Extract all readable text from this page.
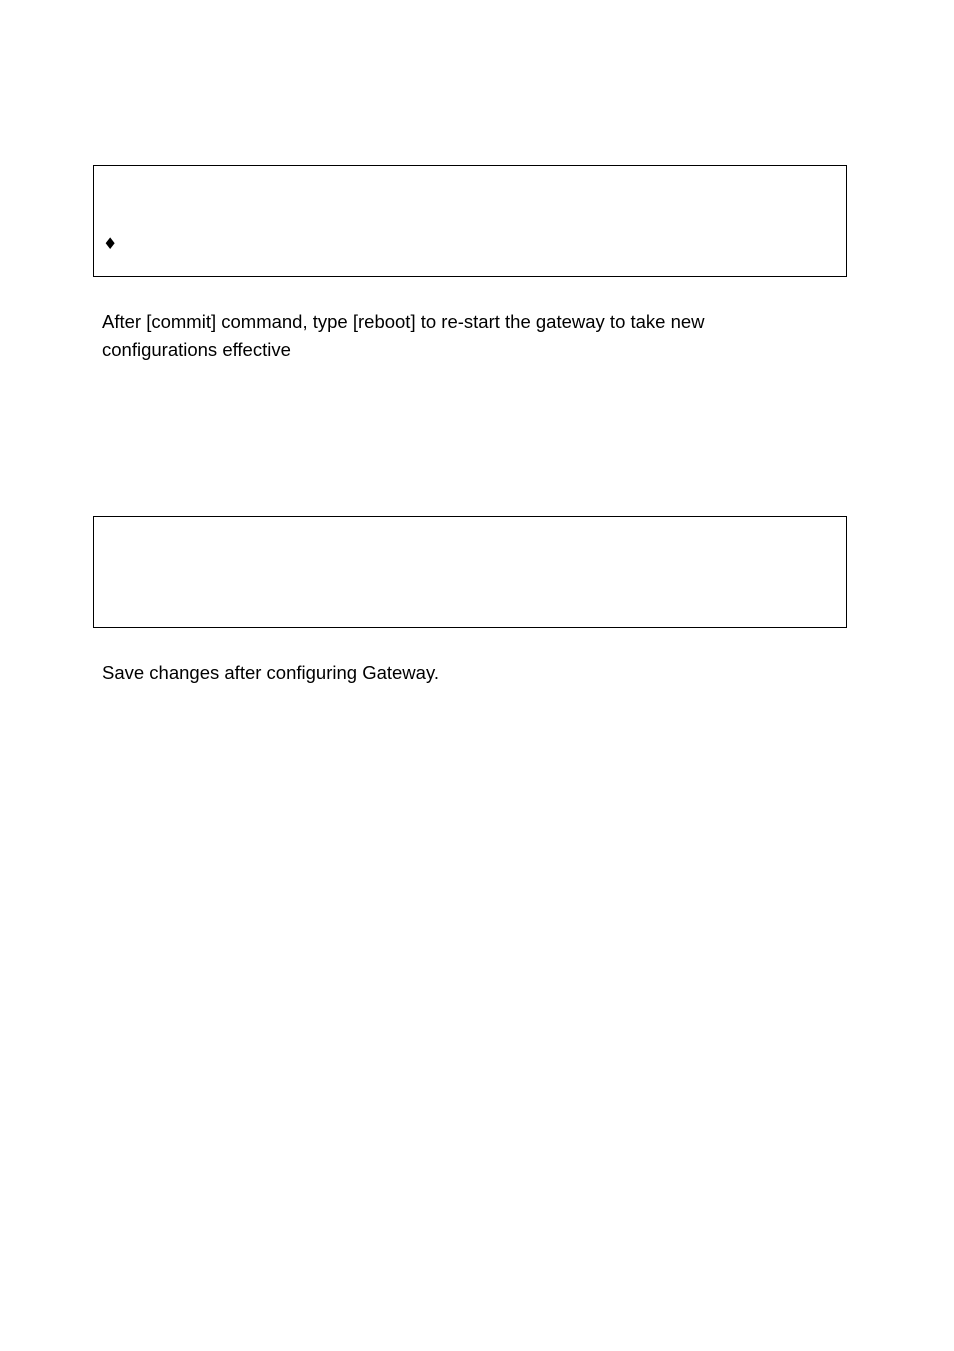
♦

After [commit] command, type [reboot] to re-start the gateway to take new configurations effective

Save changes after configuring Gateway.
